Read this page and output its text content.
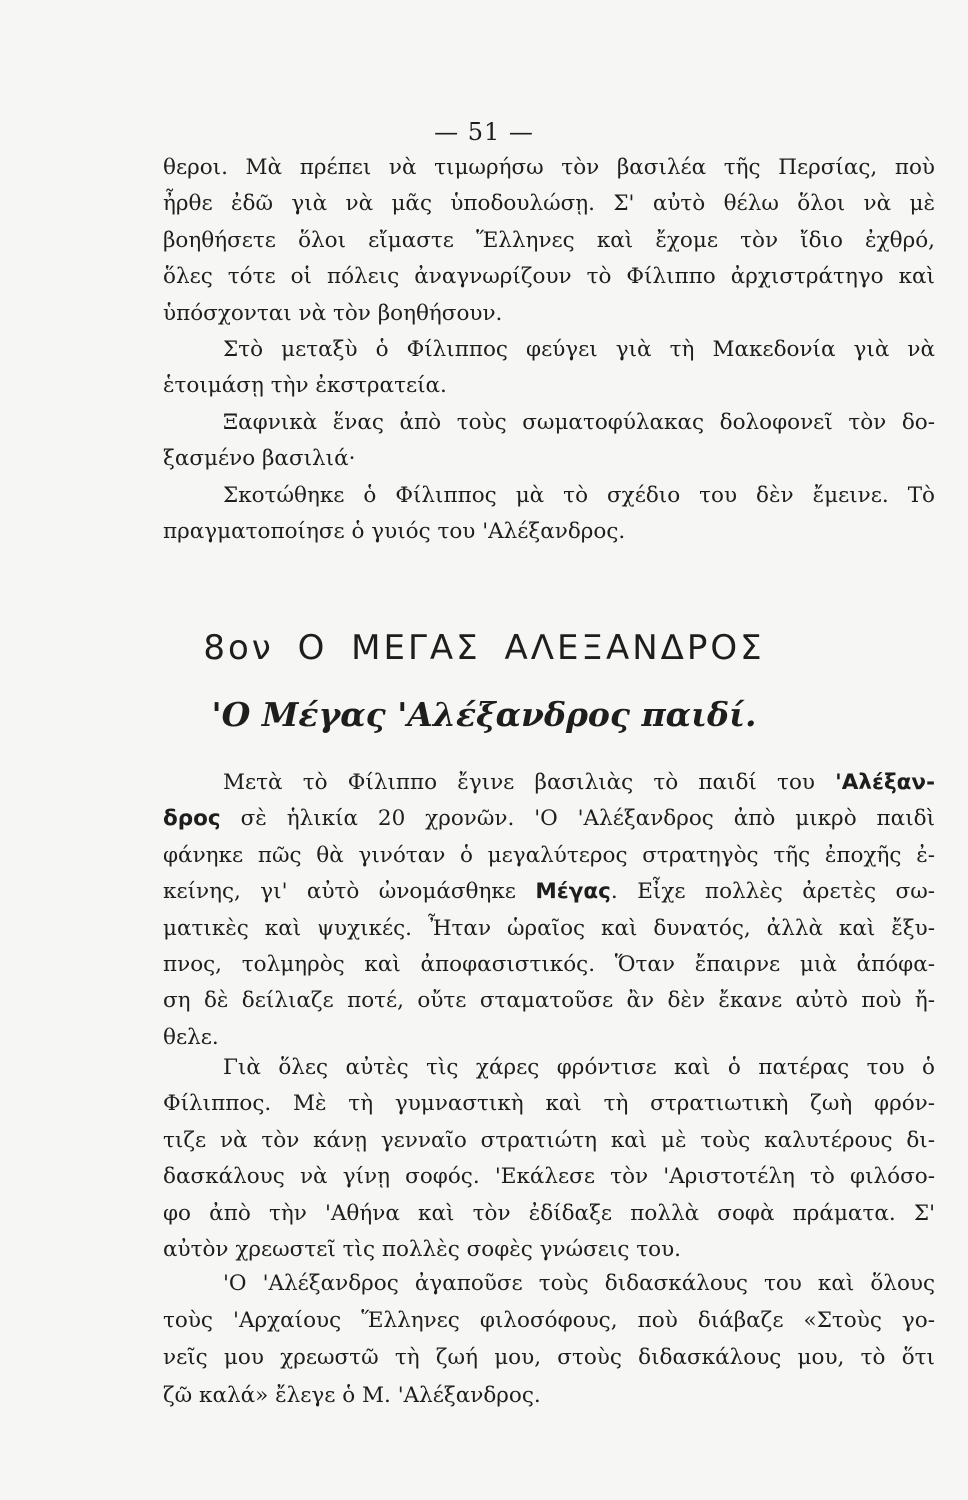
— 51 —
θεροι. Μὰ πρέπει νὰ τιμωρήσω τὸν βασιλέα τῆς Περσίας, ποὺ
ἦρθε ἐδῶ γιὰ νὰ μᾶς ὑποδουλώσῃ. Σ' αὐτὸ θέλω ὅλοι νὰ μὲ
βοηθήσετε ὅλοι εἴμαστε Ἕλληνες καὶ ἔχομε τὸν ἴδιο ἐχθρό,
ὅλες τότε οἱ πόλεις ἀναγνωρίζουν τὸ Φίλιππο ἀρχιστράτηγο καὶ
ὑπόσχονται νὰ τὸν βοηθήσουν.
Στὸ μεταξὺ ὁ Φίλιππος φεύγει γιὰ τὴ Μακεδονία γιὰ νὰ
ἑτοιμάσῃ τὴν ἐκστρατεία.
Ξαφνικὰ ἕνας ἀπὸ τοὺς σωματοφύλακας δολοφονεῖ τὸν δο-
ξασμένο βασιλιά·
Σκοτώθηκε ὁ Φίλιππος μὰ τὸ σχέδιο του δὲν ἔμεινε. Τὸ
πραγματοποίησε ὁ γυιός του 'Αλέξανδρος.
8ον Ο ΜΕΓΑΣ ΑΛΕΞΑΝΔΡΟΣ
'Ο Μέγας 'Αλέξανδρος παιδί.
Μετὰ τὸ Φίλιππο ἔγινε βασιλιὰς τὸ παιδί του 'Αλέξαν-
δρος σὲ ἡλικία 20 χρονῶν. 'Ο 'Αλέξανδρος ἀπὸ μικρὸ παιδὶ
φάνηκε πῶς θὰ γινόταν ὁ μεγαλύτερος στρατηγὸς τῆς ἐποχῆς ἐ-
κείνης, γι' αὐτὸ ὠνομάσθηκε Μέγας. Εἶχε πολλὲς ἀρετὲς σω-
ματικὲς καὶ ψυχικές. Ἦταν ὡραῖος καὶ δυνατός, ἀλλὰ καὶ ἔξυ-
πνος, τολμηρὸς καὶ ἀποφασιστικός. Ὅταν ἔπαιρνε μιὰ ἀπόφα-
ση δὲ δείλιαζε ποτέ, οὔτε σταματοῦσε ἂν δὲν ἔκανε αὐτὸ ποὺ ἤ-
θελε.
Γιὰ ὅλες αὐτὲς τὶς χάρες φρόντισε καὶ ὁ πατέρας του ὁ
Φίλιππος. Μὲ τὴ γυμναστικὴ καὶ τὴ στρατιωτικὴ ζωὴ φρόν-
τιζε νὰ τὸν κάνῃ γενναῖο στρατιώτη καὶ μὲ τοὺς καλυτέρους δι-
δασκάλους νὰ γίνῃ σοφός. 'Εκάλεσε τὸν 'Αριστοτέλη τὸ φιλόσο-
φο ἀπὸ τὴν 'Αθήνα καὶ τὸν ἐδίδαξε πολλὰ σοφὰ πράματα. Σ'
αὐτὸν χρεωστεῖ τὶς πολλὲς σοφὲς γνώσεις του.
'Ο 'Αλέξανδρος ἀγαποῦσε τοὺς διδασκάλους του καὶ ὅλους
τοὺς 'Αρχαίους Ἕλληνες φιλοσόφους, ποὺ διάβαζε «Στοὺς γο-
νεῖς μου χρεωστῶ τὴ ζωή μου, στοὺς διδασκάλους μου, τὸ ὅτι
ζῶ καλά» ἔλεγε ὁ Μ. 'Αλέξανδρος.
